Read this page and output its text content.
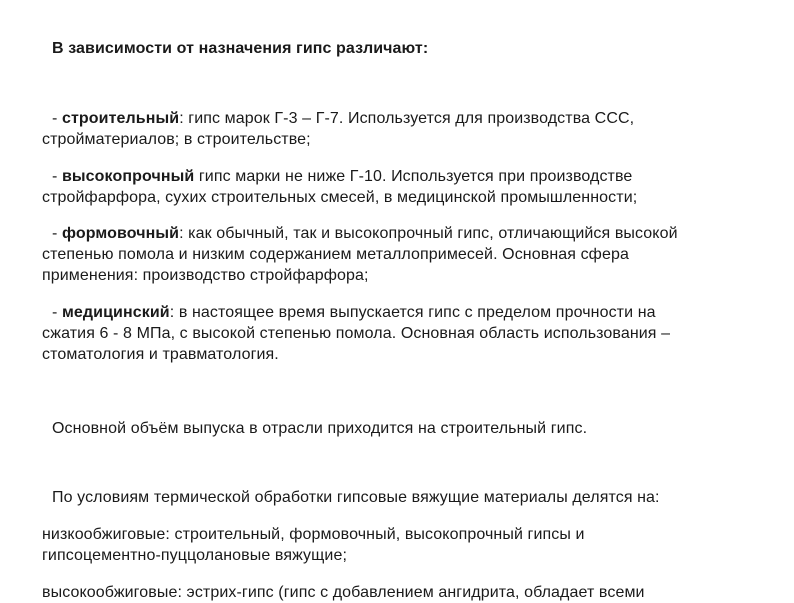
В зависимости от назначения гипс различают:
- строительный: гипс марок Г-3 – Г-7. Используется для производства ССС,
стройматериалов; в строительстве;
- высокопрочный гипс марки не ниже Г-10. Используется при производстве
стройфарфора, сухих строительных смесей, в медицинской промышленности;
- формовочный: как обычный, так и высокопрочный гипс, отличающийся высокой
степенью помола и низким содержанием металлопримесей. Основная сфера
применения: производство стройфарфора;
- медицинский: в настоящее время выпускается гипс с пределом прочности на
сжатия 6 - 8 МПа, с высокой степенью помола. Основная область использования –
стоматология и травматология.
Основной объём выпуска в отрасли приходится на строительный гипс.
По условиям термической обработки гипсовые вяжущие материалы делятся на:
низкообжиговые: строительный, формовочный, высокопрочный гипсы и
гипсоцементно-пуццолановые вяжущие;
высокообжиговые: эстрих-гипс (гипс с добавлением ангидрита, обладает всеми
